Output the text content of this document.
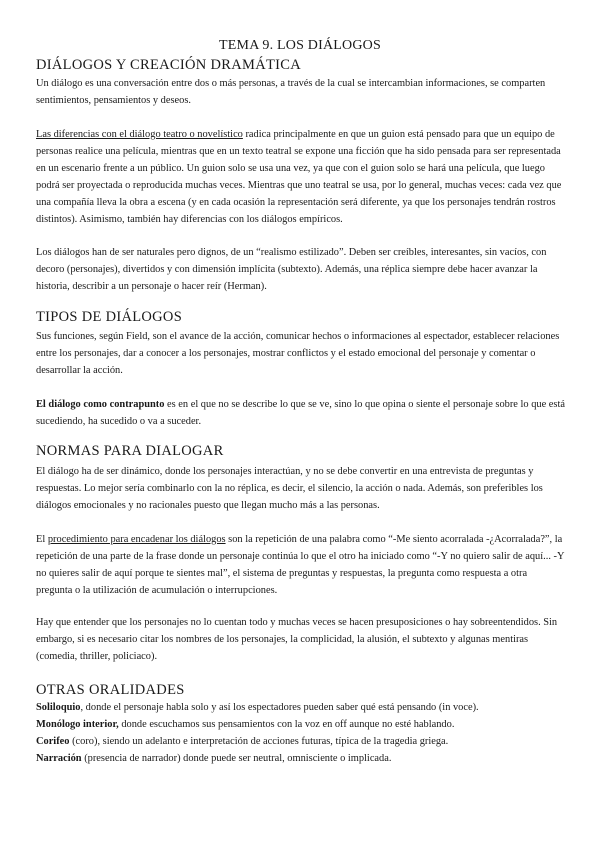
TEMA 9. LOS DIÁLOGOS
DIÁLOGOS Y CREACIÓN DRAMÁTICA
Un diálogo es una conversación entre dos o más personas, a través de la cual se intercambian informaciones, se comparten sentimientos, pensamientos y deseos.
Las diferencias con el diálogo teatro o novelístico radica principalmente en que un guion está pensado para que un equipo de personas realice una película, mientras que en un texto teatral se expone una ficción que ha sido pensada para ser representada en un escenario frente a un público. Un guion solo se usa una vez, ya que con el guion solo se hará una película, que luego podrá ser proyectada o reproducida muchas veces. Mientras que uno teatral se usa, por lo general, muchas veces: cada vez que una compañía lleva la obra a escena (y en cada ocasión la representación será diferente, ya que los personajes tendrán rostros distintos). Asimismo, también hay diferencias con los diálogos empíricos.
Los diálogos han de ser naturales pero dignos, de un “realismo estilizado”. Deben ser creíbles, interesantes, sin vacíos, con decoro (personajes), divertidos y con dimensión implícita (subtexto). Además, una réplica siempre debe hacer avanzar la historia, describir a un personaje o hacer reír (Herman).
TIPOS DE DIÁLOGOS
Sus funciones, según Field, son el avance de la acción, comunicar hechos o informaciones al espectador, establecer relaciones entre los personajes, dar a conocer a los personajes, mostrar conflictos y el estado emocional del personaje y comentar o desarrollar la acción.
El diálogo como contrapunto es en el que no se describe lo que se ve, sino lo que opina o siente el personaje sobre lo que está sucediendo, ha sucedido o va a suceder.
NORMAS PARA DIALOGAR
El diálogo ha de ser dinámico, donde los personajes interactúan, y no se debe convertir en una entrevista de preguntas y respuestas. Lo mejor sería combinarlo con la no réplica, es decir, el silencio, la acción o nada. Además, son preferibles los diálogos emocionales y no racionales puesto que llegan mucho más a las personas.
El procedimiento para encadenar los diálogos son la repetición de una palabra como “-Me siento acorralada -¿Acorralada?”, la repetición de una parte de la frase donde un personaje continúa lo que el otro ha iniciado como “-Y no quiero salir de aquí... -Y no quieres salir de aquí porque te sientes mal”, el sistema de preguntas y respuestas, la pregunta como respuesta a otra pregunta o la utilización de acumulación o interrupciones.
Hay que entender que los personajes no lo cuentan todo y muchas veces se hacen presuposiciones o hay sobreentendidos. Sin embargo, si es necesario citar los nombres de los personajes, la complicidad, la alusión, el subtexto y algunas mentiras (comedia, thriller, policiaco).
OTRAS ORALIDADES
Soliloquio, donde el personaje habla solo y así los espectadores pueden saber qué está pensando (in voce).
Monólogo interior, donde escuchamos sus pensamientos con la voz en off aunque no esté hablando.
Corifeo (coro), siendo un adelanto e interpretación de acciones futuras, típica de la tragedia griega.
Narración (presencia de narrador) donde puede ser neutral, omnisciente o implicada.
